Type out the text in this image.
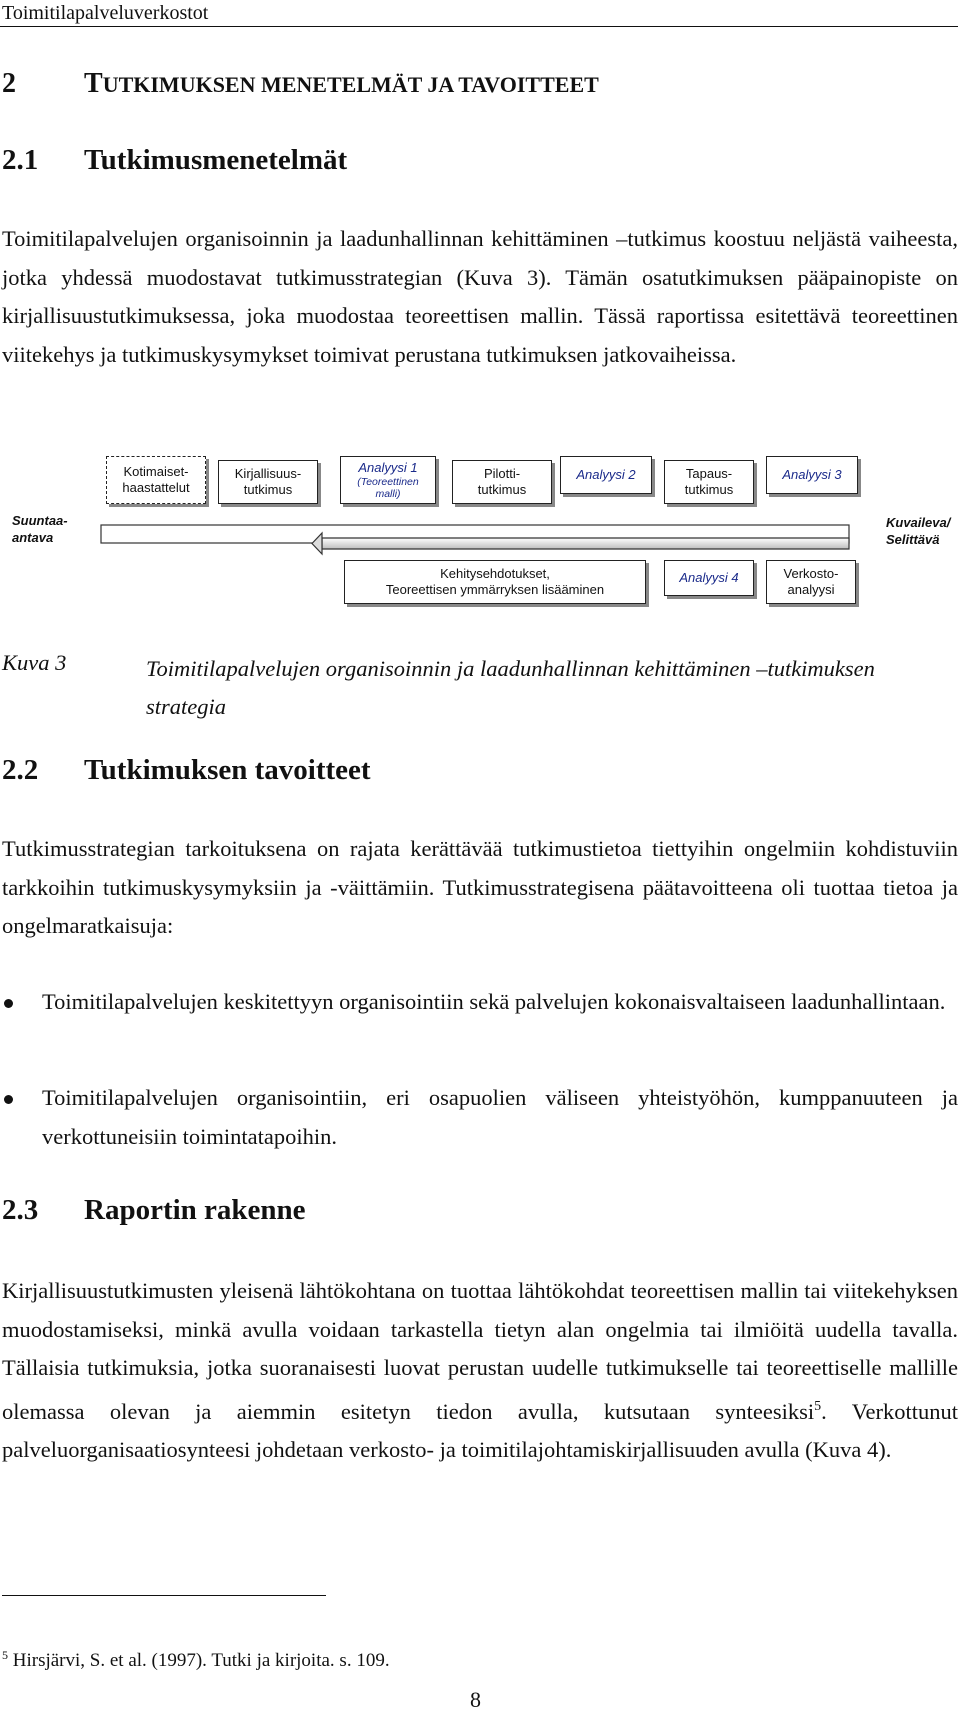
Toimitilapalveluverkostot
2 TUTKIMUKSEN MENETELMÄT JA TAVOITTEET
2.1 Tutkimusmenetelmät

Toimitilapalvelujen organisoinnin ja laadunhallinnan kehittäminen –tutkimus koostuu neljästä vaiheesta, jotka yhdessä muodostavat tutkimusstrategian (Kuva 3). Tämän osatutkimuksen pääpainopiste on kirjallisuustutkimuksessa, joka muodostaa teoreettisen mallin. Tässä raportissa esitettävä teoreettinen viitekehys ja tutkimuskysymykset toimivat perustana tutkimuksen jatkovaiheissa.

Kotimaiset-
haastattelut
Kirjallisuus-
tutkimus
Analyysi 1
(Teoreettinen
malli)
Pilotti-
tutkimus
Analyysi 2	Tapaus-
tutkimus
Analyysi 3
Suuntaa-
antava
Kuvaileva/
Selittävä
Kehitysehdotukset,
Teoreettisen ymmärryksen lisääminen
Analyysi 4	Verkosto-
analyysi
Kuva 3	Toimitilapalvelujen organisoinnin ja laadunhallinnan kehittäminen –tutkimuksen strategia
2.2 Tutkimuksen tavoitteet

Tutkimusstrategian tarkoituksena on rajata kerättävää tutkimustietoa tiettyihin ongelmiin kohdistuviin tarkkoihin tutkimuskysymyksiin ja -väittämiin. Tutkimusstrategisena päätavoitteena oli tuottaa tietoa ja ongelmaratkaisuja:

Toimitilapalvelujen keskitettyyn organisointiin sekä palvelujen kokonaisvaltaiseen laadunhallintaan.
Toimitilapalvelujen organisointiin, eri osapuolien väliseen yhteistyöhön, kumppanuuteen ja verkottuneisiin toimintatapoihin.
2.3 Raportin rakenne

Kirjallisuustutkimusten yleisenä lähtökohtana on tuottaa lähtökohdat teoreettisen mallin tai viitekehyksen muodostamiseksi, minkä avulla voidaan tarkastella tietyn alan ongelmia tai ilmiöitä uudella tavalla. Tällaisia tutkimuksia, jotka suoranaisesti luovat perustan uudelle tutkimukselle tai teoreettiselle mallille olemassa olevan ja aiemmin esitetyn tiedon avulla, kutsutaan synteesiksi$^5$. Verkottunut palveluorganisaatiosynteesi johdetaan verkosto- ja toimitilajohtamiskirjallisuuden avulla (Kuva 4).

$^5$ Hirsjärvi, S. et al. (1997). Tutki ja kirjoita. s. 109.
8
